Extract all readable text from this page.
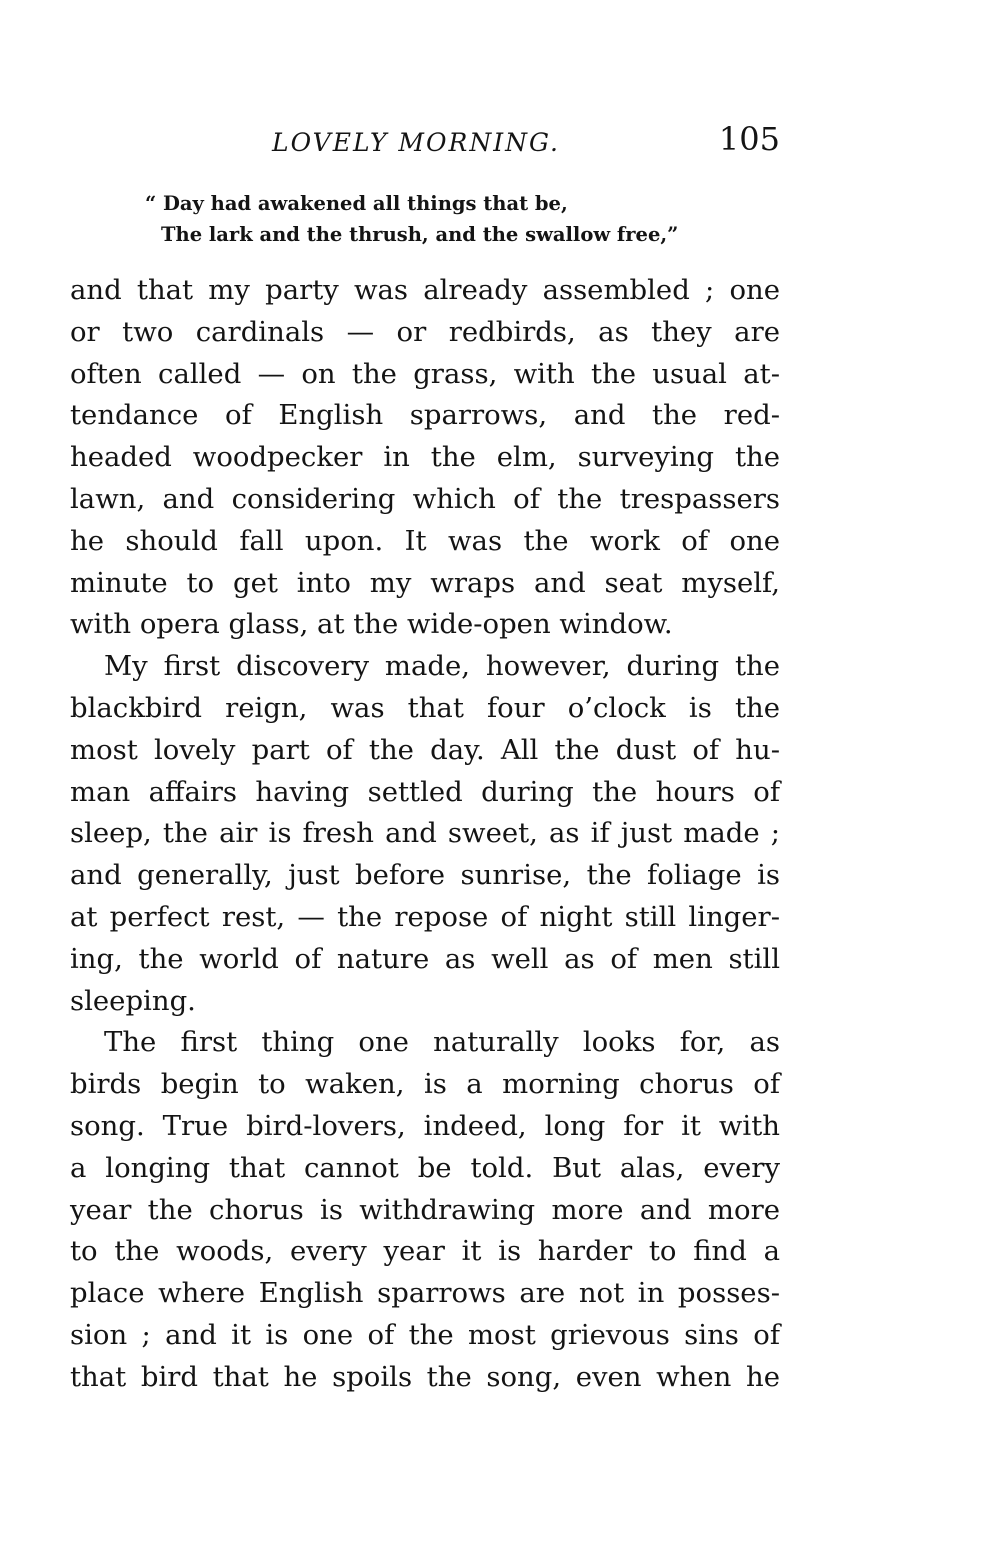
LOVELY MORNING.	105
“ Day had awakened all things that be,
The lark and the thrush, and the swallow free,”
and that my party was already assembled ; one
or two cardinals — or redbirds, as they are
often called — on the grass, with the usual at-
tendance of English sparrows, and the red-
headed woodpecker in the elm, surveying the
lawn, and considering which of the trespassers
he should fall upon. It was the work of one
minute to get into my wraps and seat myself,
with opera glass, at the wide-open window.
My first discovery made, however, during the
blackbird reign, was that four o’clock is the
most lovely part of the day. All the dust of hu-
man affairs having settled during the hours of
sleep, the air is fresh and sweet, as if just made ;
and generally, just before sunrise, the foliage is
at perfect rest, — the repose of night still linger-
ing, the world of nature as well as of men still
sleeping.
The first thing one naturally looks for, as
birds begin to waken, is a morning chorus of
song. True bird-lovers, indeed, long for it with
a longing that cannot be told. But alas, every
year the chorus is withdrawing more and more
to the woods, every year it is harder to find a
place where English sparrows are not in posses-
sion ; and it is one of the most grievous sins of
that bird that he spoils the song, even when he
